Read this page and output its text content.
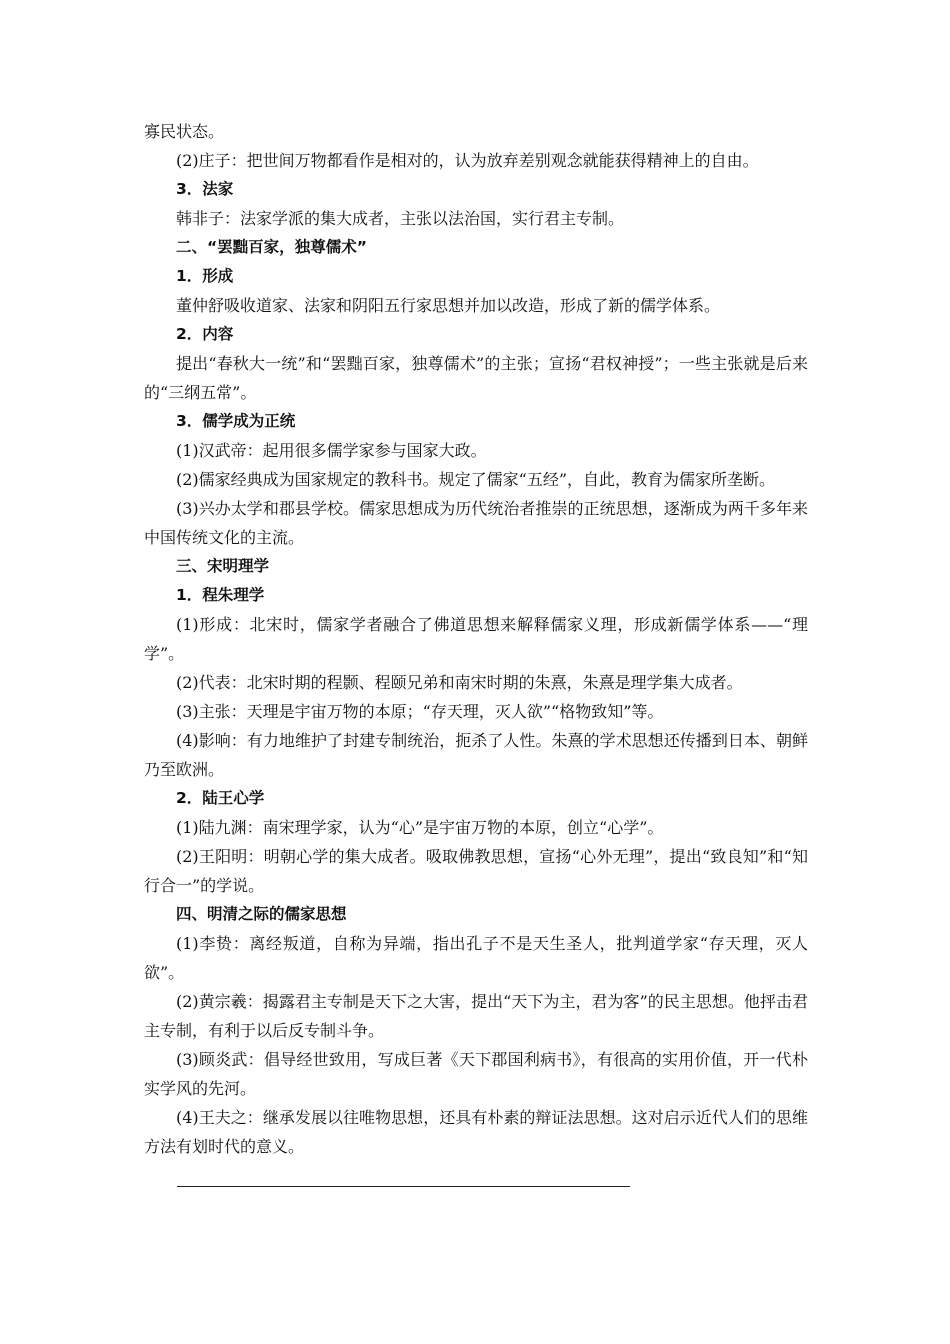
寡民状态。

(2)庄子：把世间万物都看作是相对的，认为放弃差别观念就能获得精神上的自由。

3．法家

韩非子：法家学派的集大成者，主张以法治国，实行君主专制。

二、“罢黜百家，独尊儒术”

1．形成

董仲舒吸收道家、法家和阴阳五行家思想并加以改造，形成了新的儒学体系。

2．内容

提出“春秋大一统”和“罢黜百家，独尊儒术”的主张；宣扬“君权神授”；一些主张就是后来的“三纲五常”。

3．儒学成为正统

(1)汉武帝：起用很多儒学家参与国家大政。

(2)儒家经典成为国家规定的教科书。规定了儒家“五经”，自此，教育为儒家所垄断。

(3)兴办太学和郡县学校。儒家思想成为历代统治者推崇的正统思想，逐渐成为两千多年来中国传统文化的主流。

三、宋明理学

1．程朱理学

(1)形成：北宋时，儒家学者融合了佛道思想来解释儒家义理，形成新儒学体系——“理学”。

(2)代表：北宋时期的程颢、程颐兄弟和南宋时期的朱熹，朱熹是理学集大成者。

(3)主张：天理是宇宙万物的本原；“存天理，灭人欲”“格物致知”等。

(4)影响：有力地维护了封建专制统治，扼杀了人性。朱熹的学术思想还传播到日本、朝鲜乃至欧洲。

2．陆王心学

(1)陆九渊：南宋理学家，认为“心”是宇宙万物的本原，创立“心学”。

(2)王阳明：明朝心学的集大成者。吸取佛教思想，宣扬“心外无理”，提出“致良知”和“知行合一”的学说。

四、明清之际的儒家思想

(1)李贽：离经叛道，自称为异端，指出孔子不是天生圣人，批判道学家“存天理，灭人欲”。

(2)黄宗羲：揭露君主专制是天下之大害，提出“天下为主，君为客”的民主思想。他抨击君主专制，有利于以后反专制斗争。

(3)顾炎武：倡导经世致用，写成巨著《天下郡国利病书》，有很高的实用价值，开一代朴实学风的先河。

(4)王夫之：继承发展以往唯物思想，还具有朴素的辩证法思想。这对启示近代人们的思维方法有划时代的意义。
